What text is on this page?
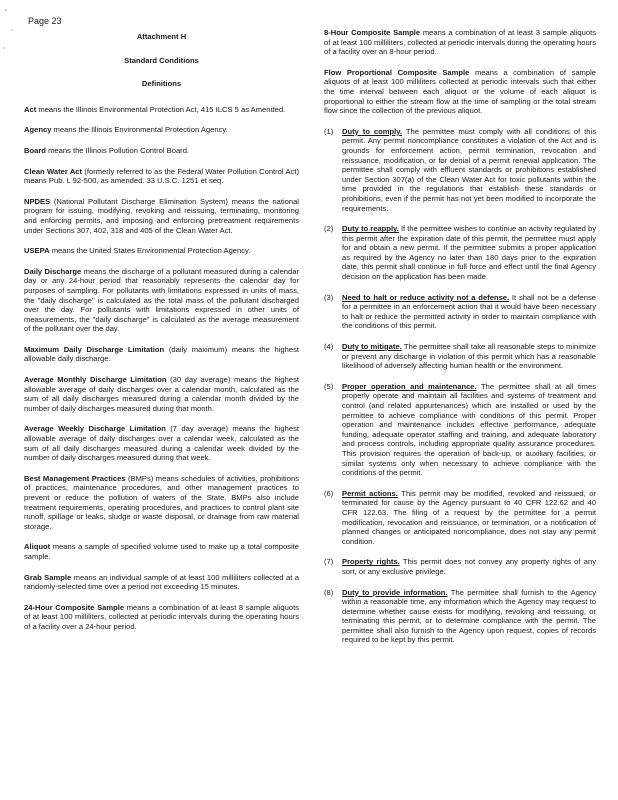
Page 23
Attachment H
Standard Conditions
Definitions

Act means the Illinois Environmental Protection Act, 415 ILCS 5 as Amended.

Agency means the Illinois Environmental Protection Agency.

Board means the Illinois Pollution Control Board.

Clean Water Act (formerly referred to as the Federal Water Pollution Control Act) means Pub. L 92-500, as amended. 33 U.S.C. 1251 et seq.

NPDES (National Pollutant Discharge Elimination System) means the national program for issuing, modifying, revoking and reissuing, terminating, monitoring and enforcing permits, and imposing and enforcing pretreatment requirements under Sections 307, 402, 318 and 405 of the Clean Water Act.

USEPA means the United States Environmental Protection Agency.

Daily Discharge means the discharge of a pollutant measured during a calendar day or any 24-hour period that reasonably represents the calendar day for purposes of sampling. For pollutants with limitations expressed in units of mass, the "daily discharge" is calculated as the total mass of the pollutant discharged over the day. For pollutants with limitations expressed in other units of measurements, the "daily discharge" is calculated as the average measurement of the pollutant over the day.

Maximum Daily Discharge Limitation (daily maximum) means the highest allowable daily discharge.

Average Monthly Discharge Limitation (30 day average) means the highest allowable average of daily discharges over a calendar month, calculated as the sum of all daily discharges measured during a calendar month divided by the number of daily discharges measured during that month.

Average Weekly Discharge Limitation (7 day average) means the highest allowable average of daily discharges over a calendar week, calculated as the sum of all daily discharges measured during a calendar week divided by the number of daily discharges measured during that week.

Best Management Practices (BMPs) means schedules of activities, prohibitions of practices, maintenance procedures, and other management practices to prevent or reduce the pollution of waters of the State. BMPs also include treatment requirements, operating procedures, and practices to control plant site runoff, spillage or leaks, sludge or waste disposal, or drainage from raw material storage.

Aliquot means a sample of specified volume used to make up a total composite sample.

Grab Sample means an individual sample of at least 100 milliliters collected at a randomly-selected time over a period not exceeding 15 minutes.

24-Hour Composite Sample means a combination of at least 8 sample aliquots of at least 100 milliliters, collected at periodic intervals during the operating hours of a facility over a 24-hour period.

8-Hour Composite Sample means a combination of at least 3 sample aliquots of at least 100 milliliters, collected at periodic intervals during the operating hours of a facility over an 8-hour period.

Flow Proportional Composite Sample means a combination of sample aliquots of at least 100 milliliters collected at periodic intervals such that either the time interval between each aliquot or the volume of each aliquot is proportional to either the stream flow at the time of sampling or the total stream flow since the collection of the previous aliquot.

(1)	Duty to comply. The permittee must comply with all conditions of this permit. Any permit noncompliance constitutes a violation of the Act and is grounds for enforcement action, permit termination, revocation and reissuance, modification, or for denial of a permit renewal application. The permittee shall comply with effluent standards or prohibitions established under Section 307(a) of the Clean Water Act for toxic pollutants within the time provided in the regulations that establish these standards or prohibitions, even if the permit has not yet been modified to incorporate the requirements.
(2)	Duty to reapply. If the permittee wishes to continue an activity regulated by this permit after the expiration date of this permit, the permittee must apply for and obtain a new permit. If the permittee submits a proper application as required by the Agency no later than 180 days prior to the expiration date, this permit shall continue in full force and effect until the final Agency decision on the application has been made.
(3)	Need to halt or reduce activity not a defense. It shall not be a defense for a permittee in an enforcement action that it would have been necessary to halt or reduce the permitted activity in order to maintain compliance with the conditions of this permit.
(4)	Duty to mitigate. The permittee shall take all reasonable steps to minimize or prevent any discharge in violation of this permit which has a reasonable likelihood of adversely affecting human health or the environment.
(5)	Proper operation and maintenance. The permittee shall at all times properly operate and maintain all facilities and systems of treatment and control (and related appurtenances) which are installed or used by the permittee to achieve compliance with conditions of this permit. Proper operation and maintenance includes effective performance, adequate funding, adequate operator staffing and training, and adequate laboratory and process controls, including appropriate quality assurance procedures. This provision requires the operation of back-up, or auxiliary facilities, or similar systems only when necessary to achieve compliance with the conditions of the permit.
(6)	Permit actions. This permit may be modified, revoked and reissued, or terminated for cause by the Agency pursuant to 40 CFR 122.62 and 40 CFR 122.63. The filing of a request by the permittee for a permit modification, revocation and reissuance, or termination, or a notification of planned changes or anticipated noncompliance, does not stay any permit condition.
(7)	Property rights. This permit does not convey any property rights of any sort, or any exclusive privilege.
(8)	Duty to provide information. The permittee shall furnish to the Agency within a reasonable time, any information which the Agency may request to determine whether cause exists for modifying, revoking and reissuing, or terminating this permit, or to determine compliance with the permit. The permittee shall also furnish to the Agency upon request, copies of records required to be kept by this permit.
